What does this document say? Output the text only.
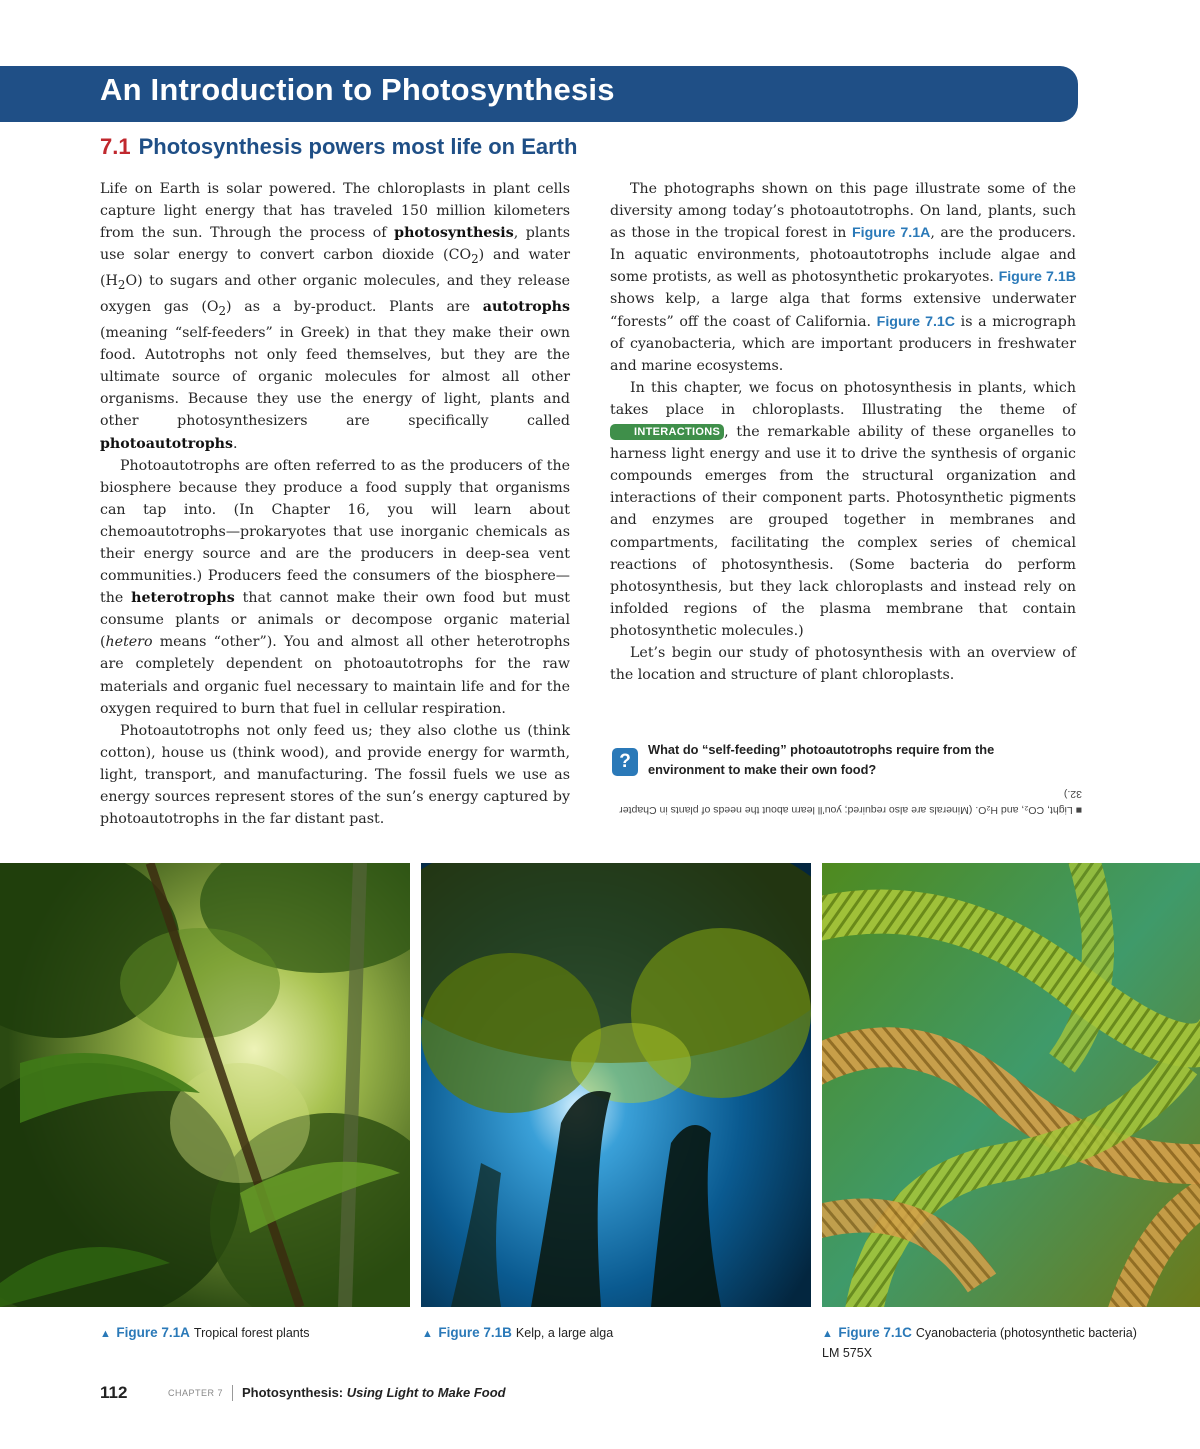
An Introduction to Photosynthesis
7.1 Photosynthesis powers most life on Earth

Life on Earth is solar powered. The chloroplasts in plant cells capture light energy that has traveled 150 million kilometers from the sun. Through the process of photosynthesis, plants use solar energy to convert carbon dioxide $(CO_2)$ and water $(H_2O)$ to sugars and other organic molecules, and they release oxygen gas $(O_2)$ as a by-product. Plants are autotrophs (meaning “self-feeders” in Greek) in that they make their own food. Autotrophs not only feed themselves, but they are the ultimate source of organic molecules for almost all other organisms. Because they use the energy of light, plants and other photosynthesizers are specifically called photoautotrophs.

Photoautotrophs are often referred to as the producers of the biosphere because they produce a food supply that organisms can tap into. (In Chapter 16, you will learn about chemoautotrophs—prokaryotes that use inorganic chemicals as their energy source and are the producers in deep-sea vent communities.) Producers feed the consumers of the biosphere—the heterotrophs that cannot make their own food but must consume plants or animals or decompose organic material (hetero means “other”). You and almost all other heterotrophs are completely dependent on photoautotrophs for the raw materials and organic fuel necessary to maintain life and for the oxygen required to burn that fuel in cellular respiration.

Photoautotrophs not only feed us; they also clothe us (think cotton), house us (think wood), and provide energy for warmth, light, transport, and manufacturing. The fossil fuels we use as energy sources represent stores of the sun’s energy captured by photoautotrophs in the far distant past.

The photographs shown on this page illustrate some of the diversity among today’s photoautotrophs. On land, plants, such as those in the tropical forest in Figure 7.1A, are the producers. In aquatic environments, photoautotrophs include algae and some protists, as well as photosynthetic prokaryotes. Figure 7.1B shows kelp, a large alga that forms extensive underwater “forests” off the coast of California. Figure 7.1C is a micrograph of cyanobacteria, which are important producers in freshwater and marine ecosystems.

In this chapter, we focus on photosynthesis in plants, which takes place in chloroplasts. Illustrating the theme of INTERACTIONS , the remarkable ability of these organelles to harness light energy and use it to drive the synthesis of organic compounds emerges from the structural organization and interactions of their component parts. Photosynthetic pigments and enzymes are grouped together in membranes and compartments, facilitating the complex series of chemical reactions of photosynthesis. (Some bacteria do perform photosynthesis, but they lack chloroplasts and instead rely on infolded regions of the plasma membrane that contain photosynthetic molecules.)

Let’s begin our study of photosynthesis with an overview of the location and structure of plant chloroplasts.

?
What do “self-feeding” photoautotrophs require from the environment to make their own food?
■ Light, CO₂, and H₂O. (Minerals are also required; you’ll learn about the needs of plants in Chapter 32.)
▲ Figure 7.1A Tropical forest plants	▲ Figure 7.1B Kelp, a large alga	▲ Figure 7.1C Cyanobacteria (photosynthetic bacteria) LM 575X
112	CHAPTER 7 Photosynthesis: Using Light to Make Food
